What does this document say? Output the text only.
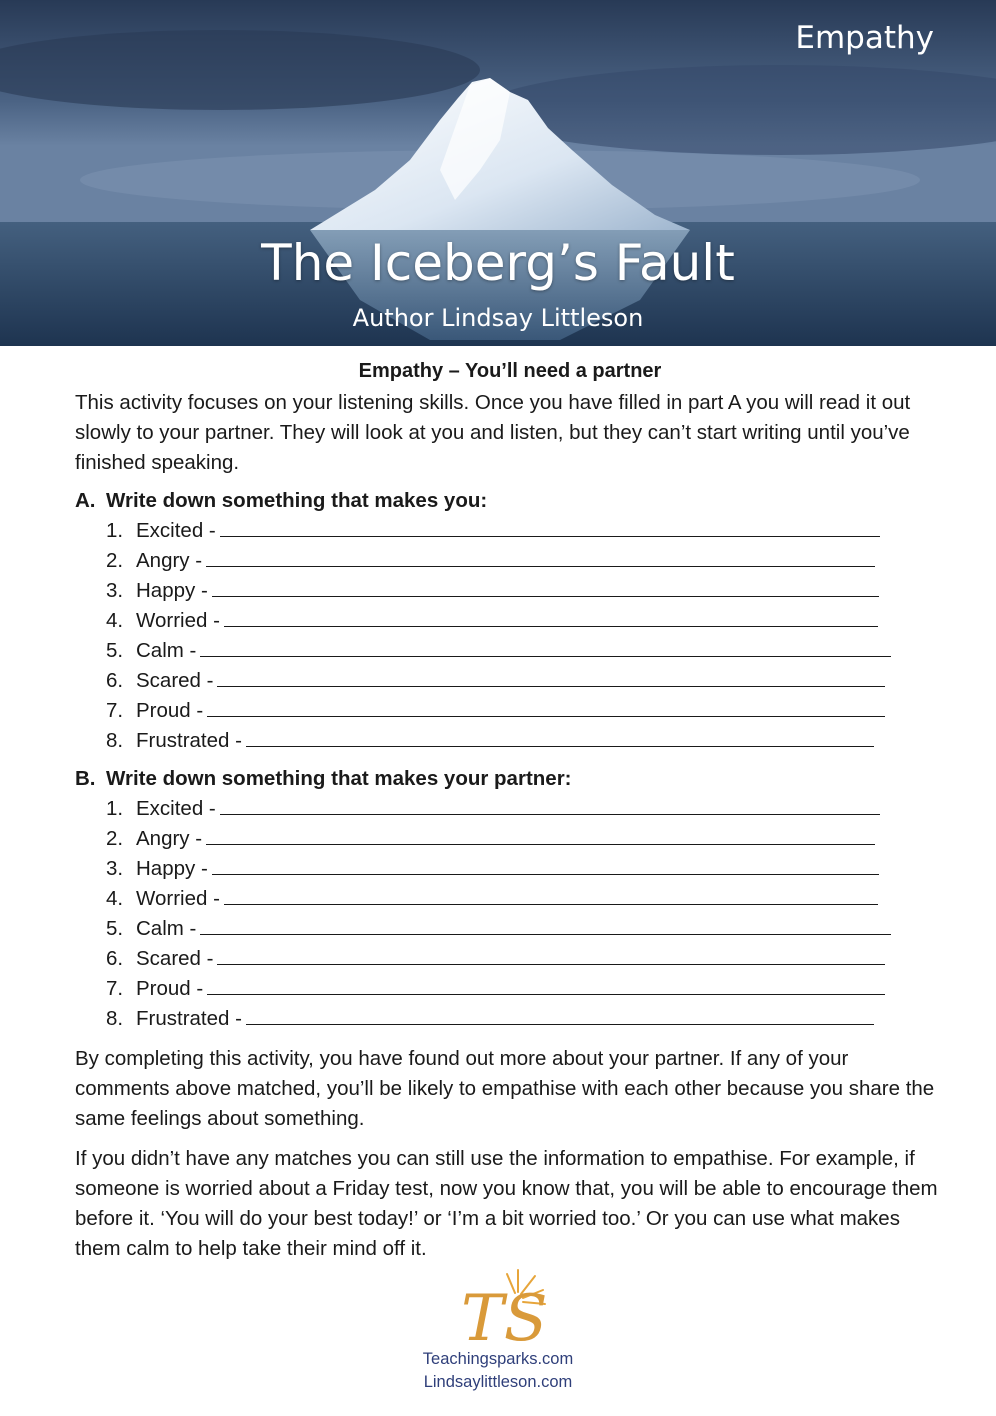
Empathy
The Iceberg’s Fault
Author Lindsay Littleson
Empathy – You’ll need a partner

This activity focuses on your listening skills. Once you have filled in part A you will read it out slowly to your partner. They will look at you and listen, but they can’t start writing until you’ve finished speaking.

A. Write down something that makes you:
1. Excited -
2. Angry -
3. Happy -
4. Worried -
5. Calm -
6. Scared -
7. Proud -
8. Frustrated -
B. Write down something that makes your partner:
1. Excited -
2. Angry -
3. Happy -
4. Worried -
5. Calm -
6. Scared -
7. Proud -
8. Frustrated -

By completing this activity, you have found out more about your partner. If any of your comments above matched, you’ll be likely to empathise with each other because you share the same feelings about something.

If you didn’t have any matches you can still use the information to empathise. For example, if someone is worried about a Friday test, now you know that, you will be able to encourage them before it. ‘You will do your best today!’ or ‘I’m a bit worried too.’ Or you can use what makes them calm to help take their mind off it.

TS
Teachingsparks.com
Lindsaylittleson.com
